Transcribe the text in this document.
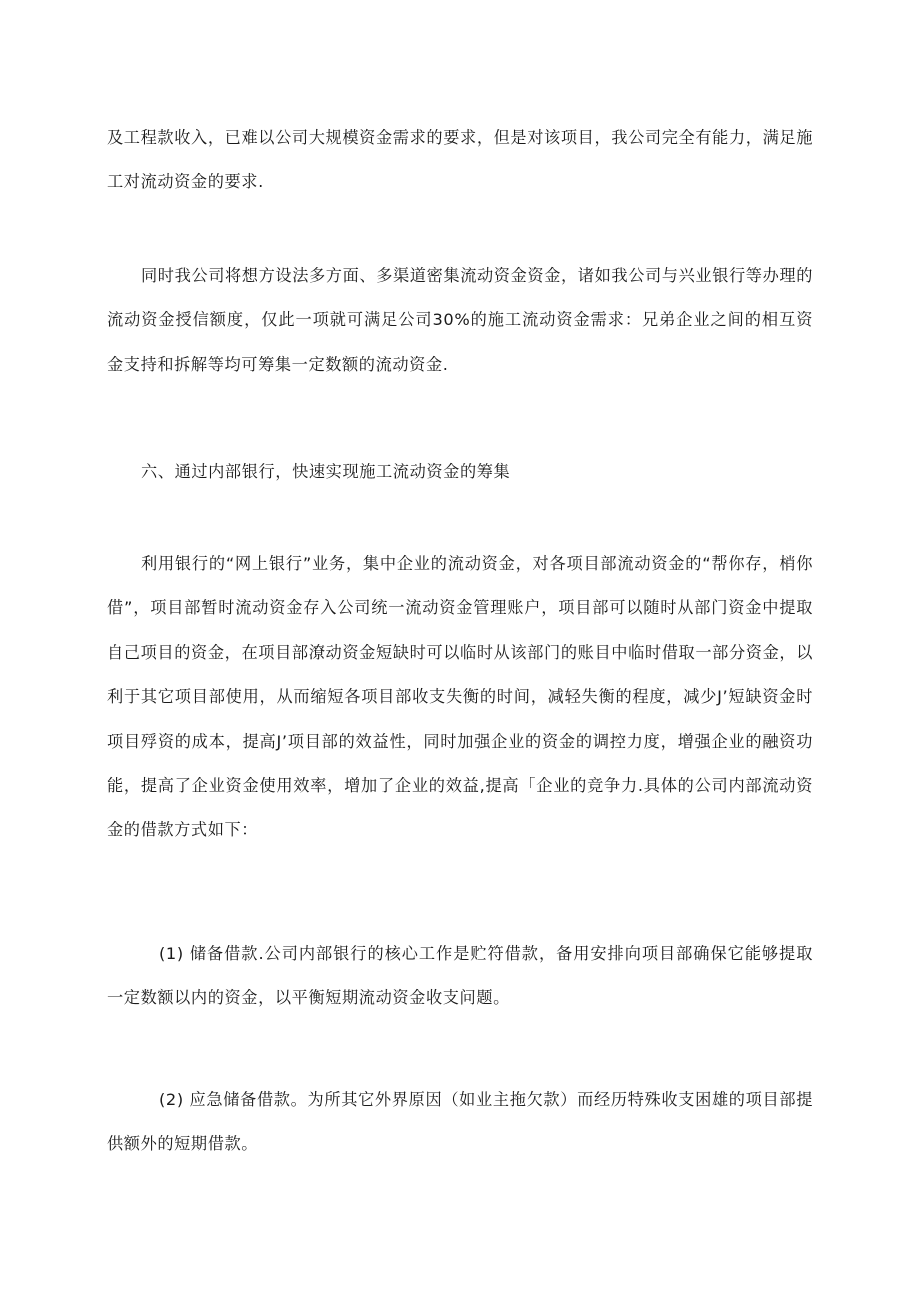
及工程款收入，已难以公司大规模资金需求的要求，但是对该项目，我公司完全有能力，满足施工对流动资金的要求.

同时我公司将想方设法多方面、多渠道密集流动资金资金，诸如我公司与兴业银行等办理的流动资金授信额度，仅此一项就可满足公司30%的施工流动资金需求：兄弟企业之间的相互资金支持和拆解等均可筹集一定数额的流动资金.

六、通过内部银行，快速实现施工流动资金的筹集

利用银行的“网上银行”业务，集中企业的流动资金，对各项目部流动资金的“帮你存，梢你借”，项目部暂时流动资金存入公司统一流动资金管理账户，项目部可以随时从部门资金中提取自己项目的资金，在项目部潦动资金短缺时可以临时从该部门的账目中临时借取一部分资金，以利于其它项目部使用，从而缩短各项目部收支失衡的时间，减轻失衡的程度，减少J’短缺资金时项目殍资的成本，提高J’项目部的效益性，同时加强企业的资金的调控力度，增强企业的融资功能，提高了企业资金使用效率，增加了企业的效益,提高「企业的竞争力.具体的公司内部流动资金的借款方式如下：

(1) 储备借款.公司内部银行的核心工作是贮符借款，备用安排向项目部确保它能够提取一定数额以内的资金，以平衡短期流动资金收支问题。

(2) 应急储备借款。为所其它外界原因（如业主拖欠款）而经历特殊收支困雄的项目部提供额外的短期借款。
